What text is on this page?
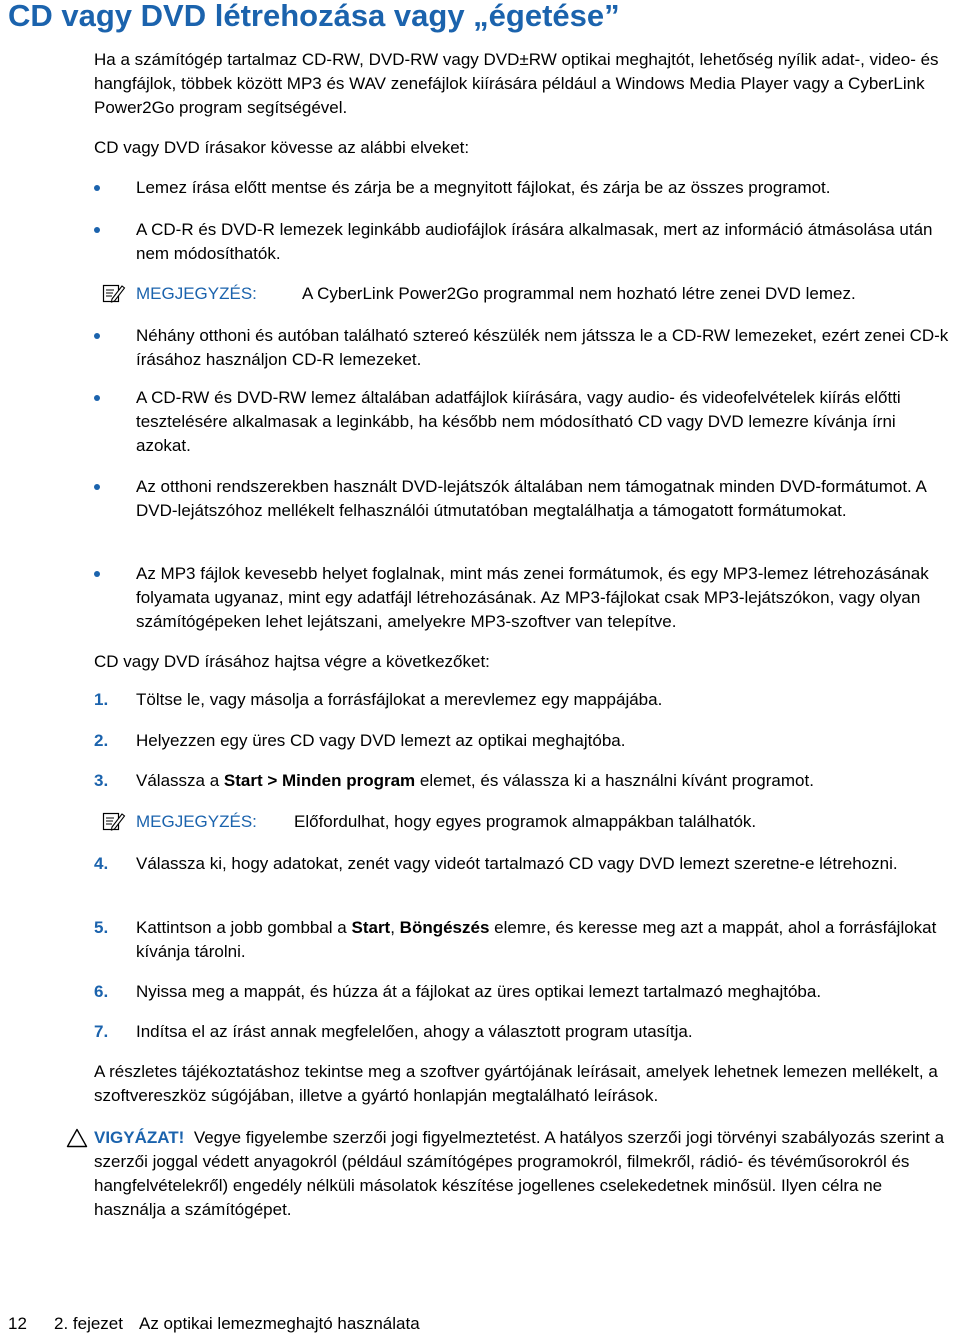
CD vagy DVD létrehozása vagy „égetése”

Ha a számítógép tartalmaz CD-RW, DVD-RW vagy DVD±RW optikai meghajtót, lehetőség nyílik adat-, video- és hangfájlok, többek között MP3 és WAV zenefájlok kiírására például a Windows Media Player vagy a CyberLink Power2Go program segítségével.

CD vagy DVD írásakor kövesse az alábbi elveket:

Lemez írása előtt mentse és zárja be a megnyitott fájlokat, és zárja be az összes programot.
A CD-R és DVD-R lemezek leginkább audiofájlok írására alkalmasak, mert az információ átmásolása után nem módosíthatók.
MEGJEGYZÉS:	A CyberLink Power2Go programmal nem hozható létre zenei DVD lemez.
Néhány otthoni és autóban található sztereó készülék nem játssza le a CD-RW lemezeket, ezért zenei CD-k írásához használjon CD-R lemezeket.
A CD-RW és DVD-RW lemez általában adatfájlok kiírására, vagy audio- és videofelvételek kiírás előtti tesztelésére alkalmasak a leginkább, ha később nem módosítható CD vagy DVD lemezre kívánja írni azokat.
Az otthoni rendszerekben használt DVD-lejátszók általában nem támogatnak minden DVD-formátumot. A DVD-lejátszóhoz mellékelt felhasználói útmutatóban megtalálhatja a támogatott formátumokat.
Az MP3 fájlok kevesebb helyet foglalnak, mint más zenei formátumok, és egy MP3-lemez létrehozásának folyamata ugyanaz, mint egy adatfájl létrehozásának. Az MP3-fájlokat csak MP3-lejátszókon, vagy olyan számítógépeken lehet lejátszani, amelyekre MP3-szoftver van telepítve.

CD vagy DVD írásához hajtsa végre a következőket:

1. Töltse le, vagy másolja a forrásfájlokat a merevlemez egy mappájába.
2. Helyezzen egy üres CD vagy DVD lemezt az optikai meghajtóba.
3. Válassza a Start > Minden program elemet, és válassza ki a használni kívánt programot.
MEGJEGYZÉS: Előfordulhat, hogy egyes programok almappákban találhatók.
4. Válassza ki, hogy adatokat, zenét vagy videót tartalmazó CD vagy DVD lemezt szeretne-e létrehozni.
5. Kattintson a jobb gombbal a Start, Böngészés elemre, és keresse meg azt a mappát, ahol a forrásfájlokat kívánja tárolni.
6. Nyissa meg a mappát, és húzza át a fájlokat az üres optikai lemezt tartalmazó meghajtóba.
7. Indítsa el az írást annak megfelelően, ahogy a választott program utasítja.

A részletes tájékoztatáshoz tekintse meg a szoftver gyártójának leírásait, amelyek lehetnek lemezen mellékelt, a szoftvereszköz súgójában, illetve a gyártó honlapján megtalálható leírások.

VIGYÁZAT! Vegye figyelembe szerzői jogi figyelmeztetést. A hatályos szerzői jogi törvényi szabályozás szerint a szerzői joggal védett anyagokról (például számítógépes programokról, filmekről, rádió- és tévéműsorokról és hangfelvételekről) engedély nélküli másolatok készítése jogellenes cselekedetnek minősül. Ilyen célra ne használja a számítógépet.
12 2. fejezet Az optikai lemezmeghajtó használata
